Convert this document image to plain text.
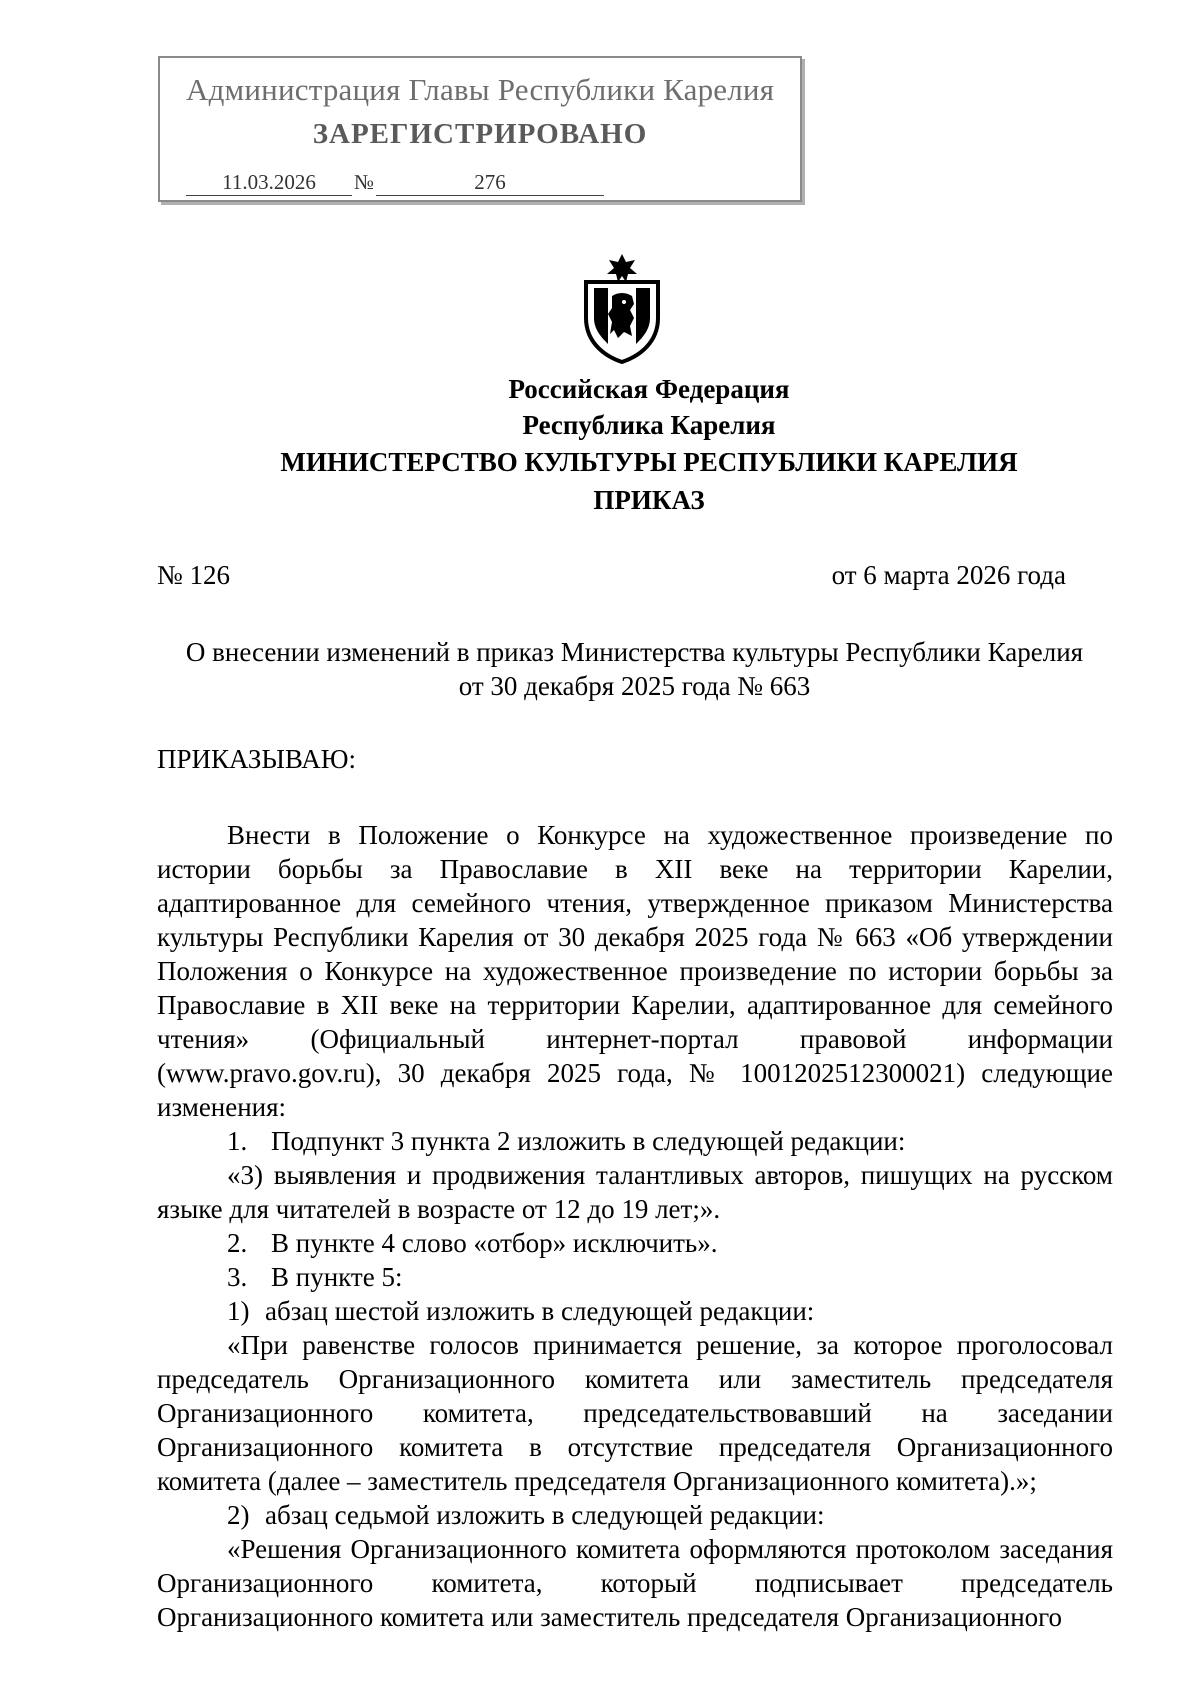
Администрация Главы Республики Карелия
ЗАРЕГИСТРИРОВАНО
11.03.2026 №	276
Российская Федерация
Республика Карелия
МИНИСТЕРСТВО КУЛЬТУРЫ РЕСПУБЛИКИ КАРЕЛИЯ
ПРИКАЗ
№ 126	от 6 марта 2026 года
О внесении изменений в приказ Министерства культуры Республики Карелия
от 30 декабря 2025 года № 663
ПРИКАЗЫВАЮ:

Внести в Положение о Конкурсе на художественное произведение по истории борьбы за Православие в XII веке на территории Карелии, адаптированное для семейного чтения, утвержденное приказом Министерства культуры Республики Карелия от 30 декабря 2025 года № 663 «Об утверждении Положения о Конкурсе на художественное произведение по истории борьбы за Православие в XII веке на территории Карелии, адаптированное для семейного чтения» (Официальный интернет-портал правовой информации (www.pravo.gov.ru), 30 декабря 2025 года, № 1001202512300021) следующие изменения:

1. Подпункт 3 пункта 2 изложить в следующей редакции:

«3) выявления и продвижения талантливых авторов, пишущих на русском языке для читателей в возрасте от 12 до 19 лет;».

2. В пункте 4 слово «отбор» исключить».

3. В пункте 5:

1) абзац шестой изложить в следующей редакции:

«При равенстве голосов принимается решение, за которое проголосовал председатель Организационного комитета или заместитель председателя Организационного комитета, председательствовавший на заседании Организационного комитета в отсутствие председателя Организационного комитета (далее – заместитель председателя Организационного комитета).»;

2) абзац седьмой изложить в следующей редакции:

«Решения Организационного комитета оформляются протоколом заседания Организационного комитета, который подписывает председатель Организационного комитета или заместитель председателя Организационного
